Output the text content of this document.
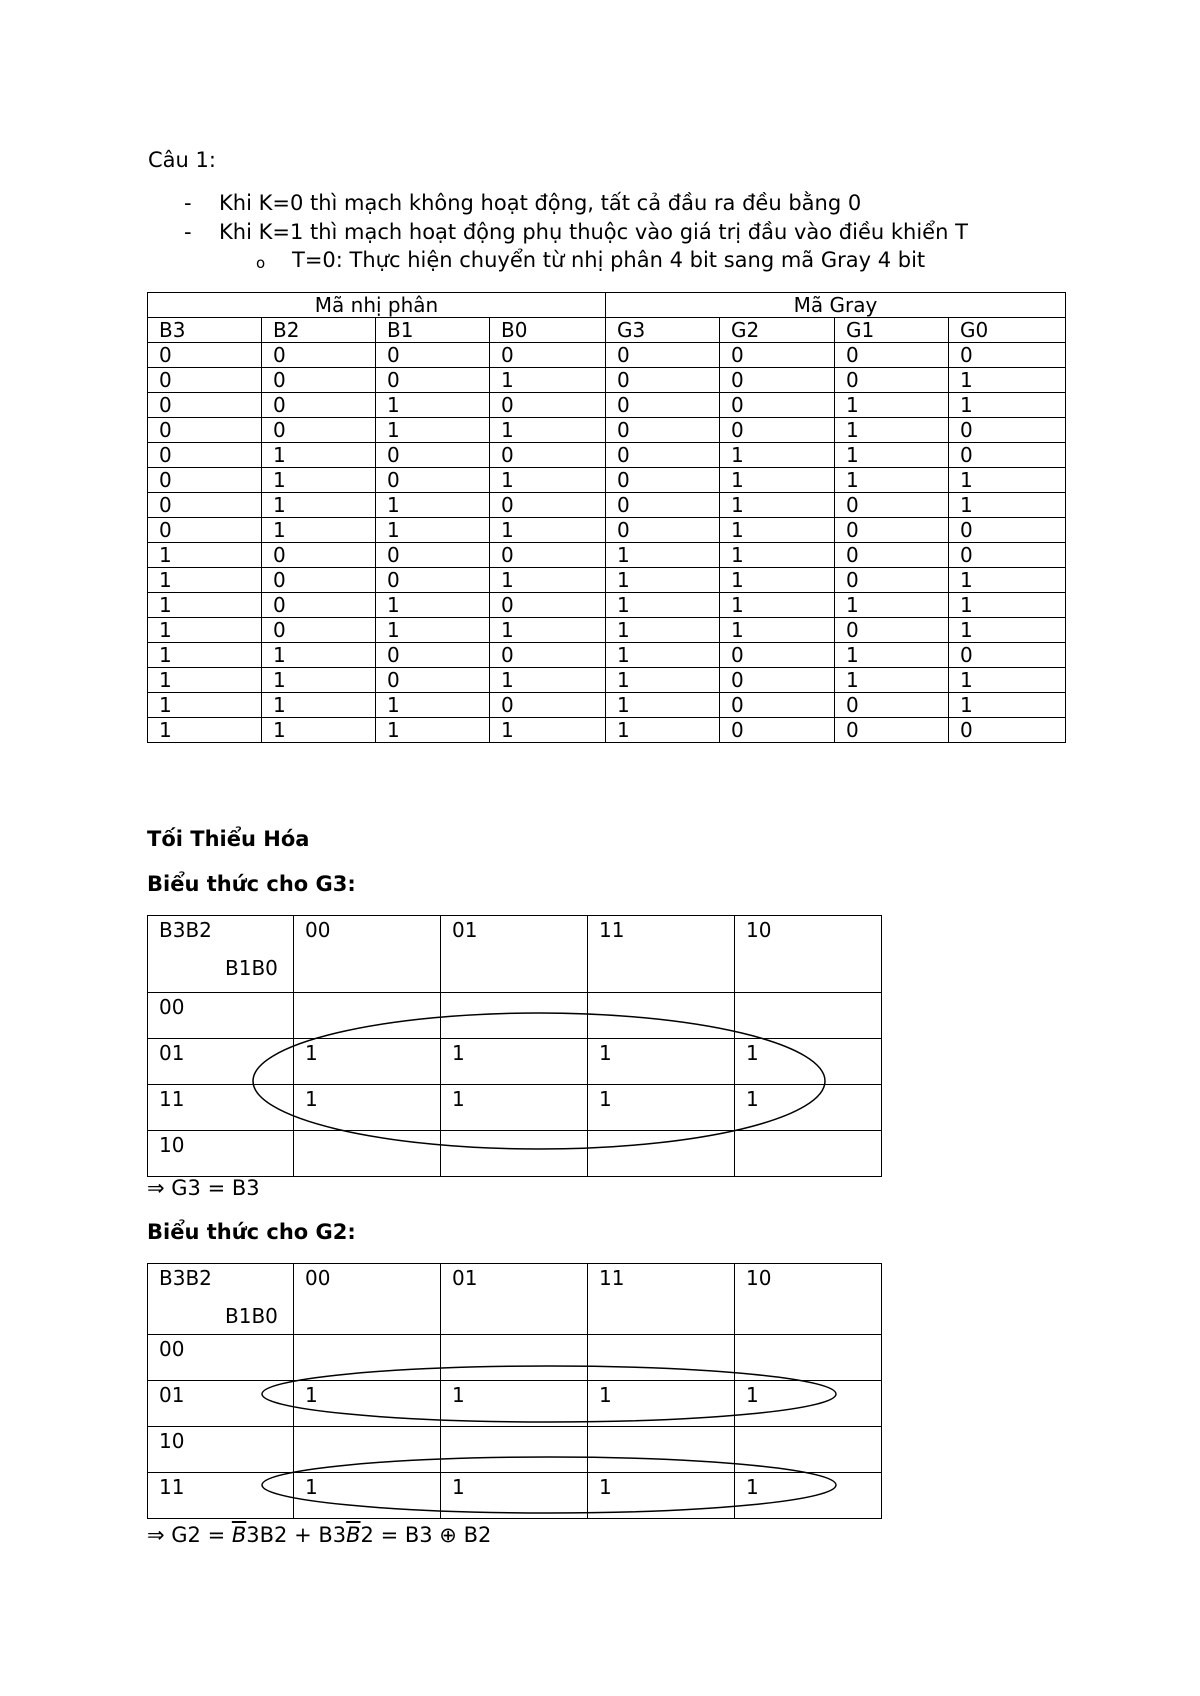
Câu 1:
- Khi K=0 thì mạch không hoạt động, tất cả đầu ra đều bằng 0
- Khi K=1 thì mạch hoạt động phụ thuộc vào giá trị đầu vào điều khiển T
o T=0: Thực hiện chuyển từ nhị phân 4 bit sang mã Gray 4 bit
Mã nhị phân				Mã Gray			
B3	B2	B1	B0	G3	G2	G1	G0
0	0	0	0	0	0	0	0
0	0	0	1	0	0	0	1
0	0	1	0	0	0	1	1
0	0	1	1	0	0	1	0
0	1	0	0	0	1	1	0
0	1	0	1	0	1	1	1
0	1	1	0	0	1	0	1
0	1	1	1	0	1	0	0
1	0	0	0	1	1	0	0
1	0	0	1	1	1	0	1
1	0	1	0	1	1	1	1
1	0	1	1	1	1	0	1
1	1	0	0	1	0	1	0
1	1	0	1	1	0	1	1
1	1	1	0	1	0	0	1
1	1	1	1	1	0	0	0
Tối Thiểu Hóa
Biểu thức cho G3:
B3B2
B1B0	00	01	11	10
00				
01	1	1	1	1
11	1	1	1	1
10				
⇒ G3 = B3
Biểu thức cho G2:
B3B2
B1B0	00	01	11	10
00				
01	1	1	1	1
10				
11	1	1	1	1
⇒ $G2 = \overline{B}3B2 + B3\overline{B}2 = B3$ ⊕ B2
